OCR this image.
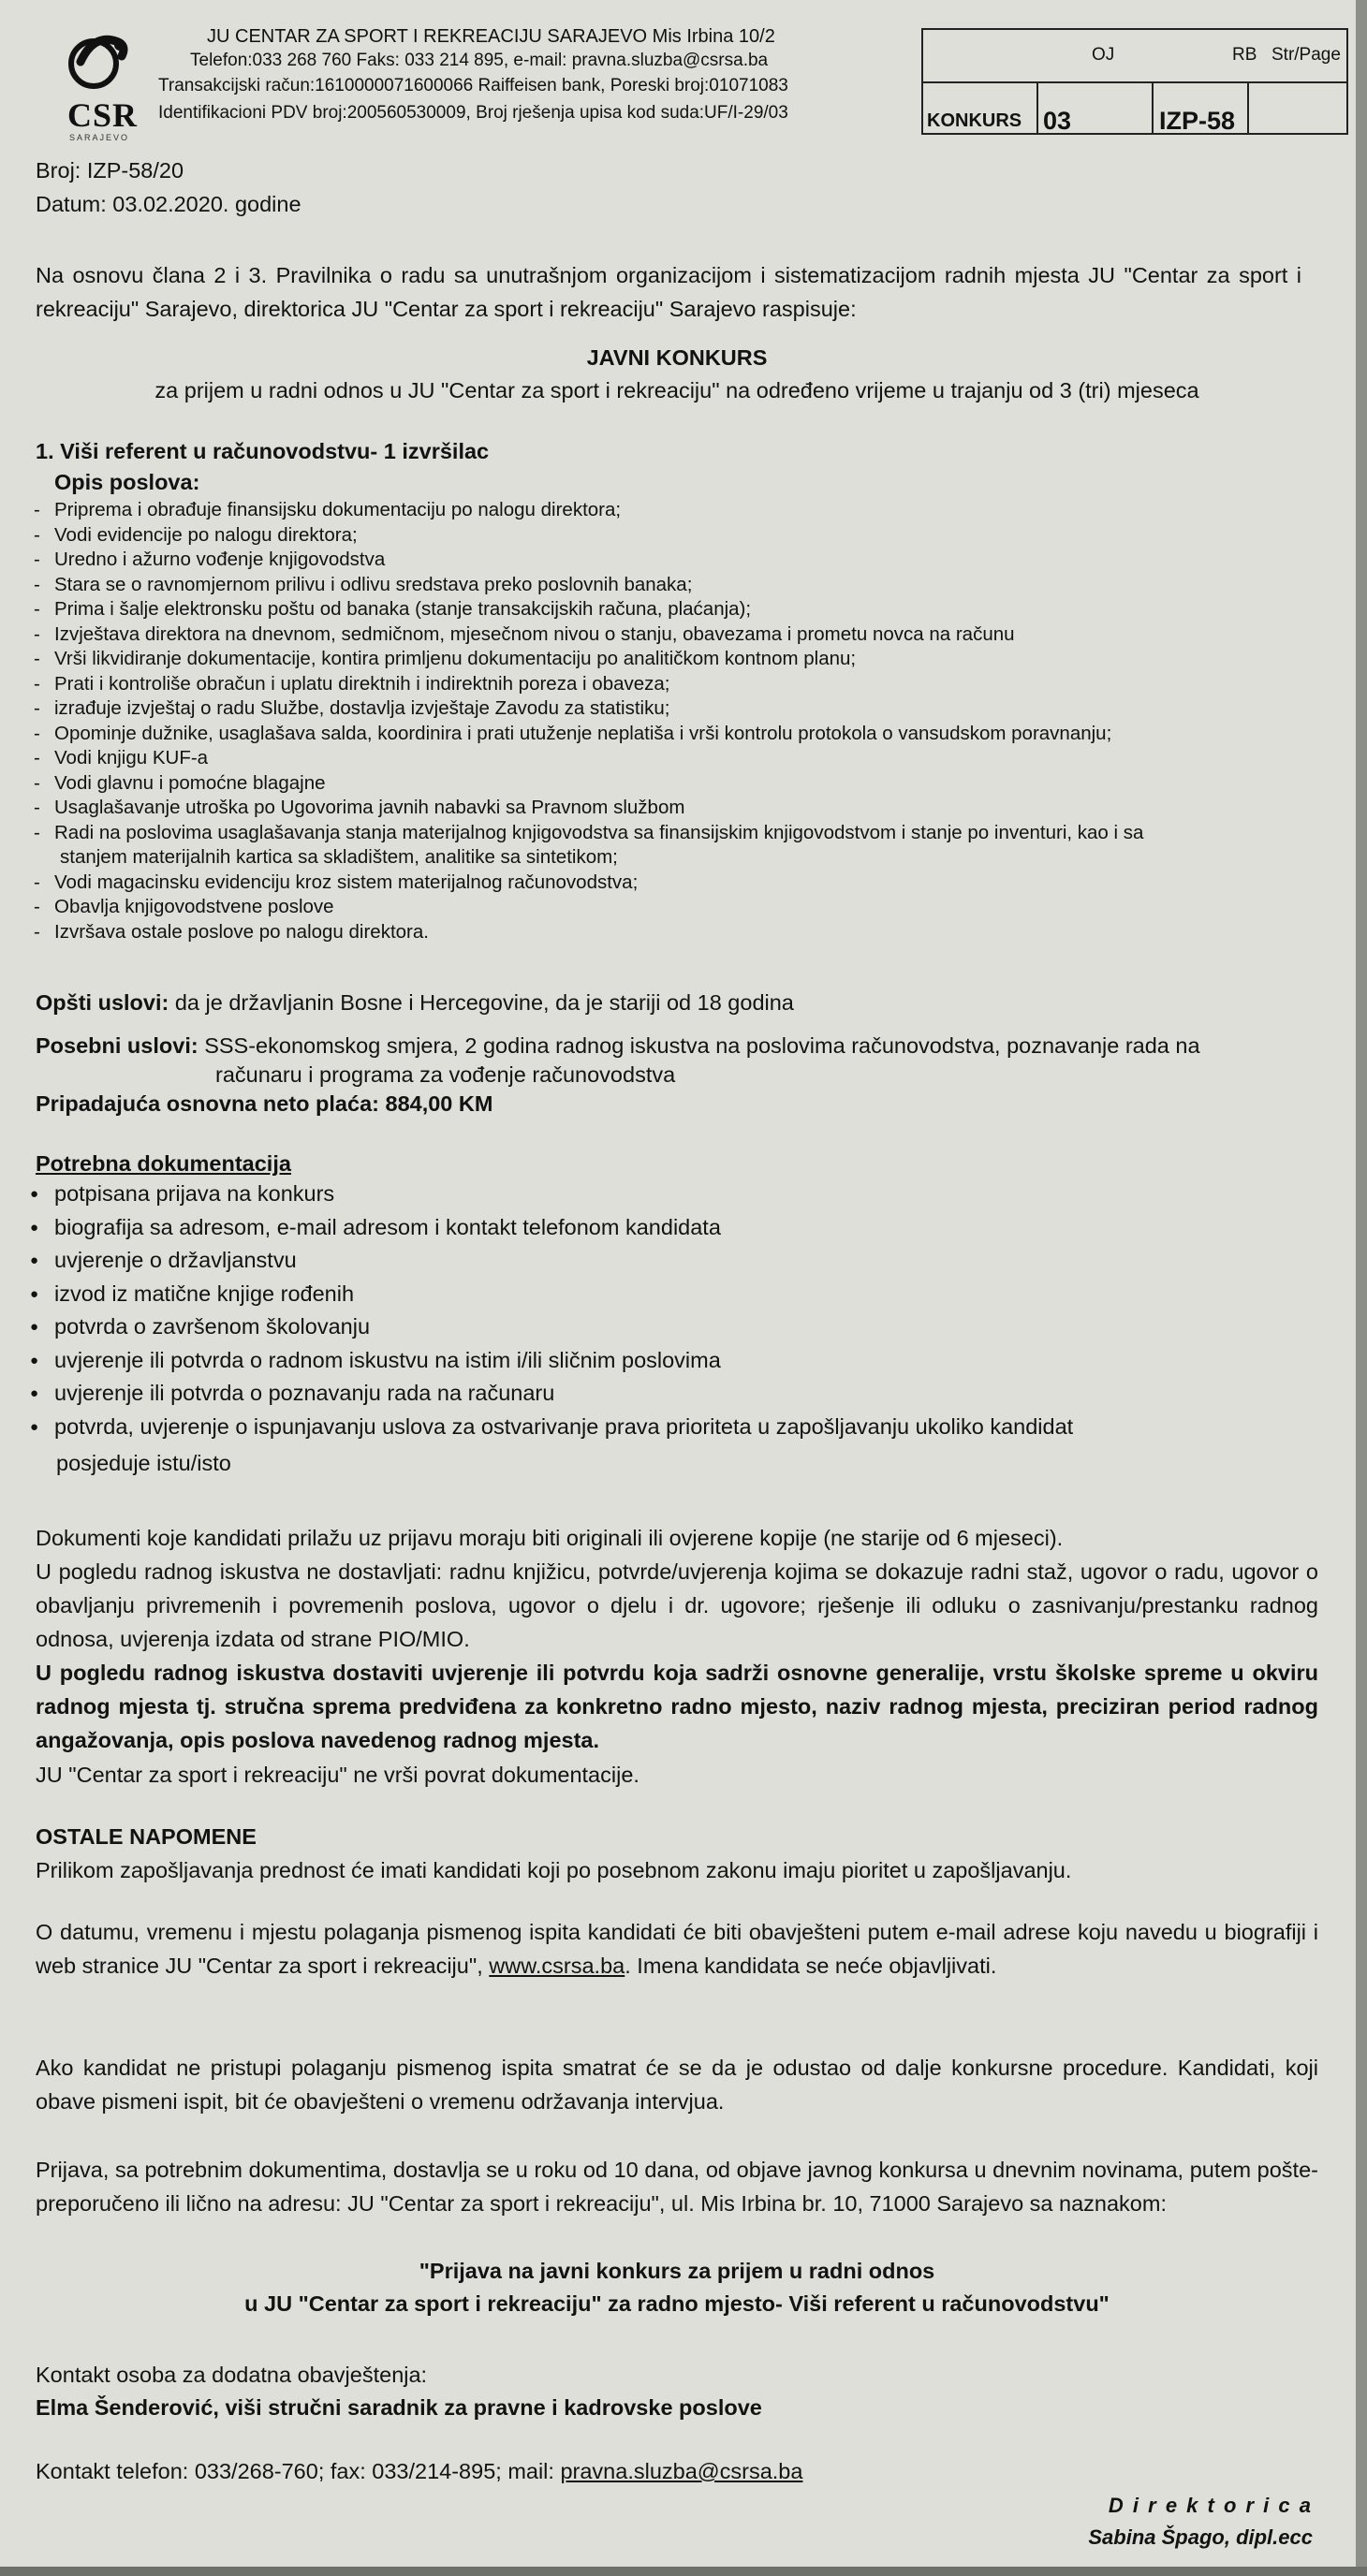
CSR
SARAJEVO
JU CENTAR ZA SPORT I REKREACIJU SARAJEVO Mis Irbina 10/2
Telefon:033 268 760 Faks: 033 214 895, e-mail: pravna.sluzba@csrsa.ba
Transakcijski račun:1610000071600066 Raiffeisen bank, Poreski broj:01071083
Identifikacioni PDV broj:200560530009, Broj rješenja upisa kod suda:UF/I-29/03
OJ	RB Str/Page
KONKURS 03	IZP-58
Broj: IZP-58/20
Datum: 03.02.2020. godine
Na osnovu člana 2 i 3. Pravilnika o radu sa unutrašnjom organizacijom i sistematizacijom radnih mjesta JU "Centar za sport i rekreaciju" Sarajevo, direktorica JU "Centar za sport i rekreaciju" Sarajevo raspisuje:
JAVNI KONKURS
za prijem u radni odnos u JU "Centar za sport i rekreaciju" na određeno vrijeme u trajanju od 3 (tri) mjeseca
1. Viši referent u računovodstvu- 1 izvršilac
Opis poslova:
- Priprema i obrađuje finansijsku dokumentaciju po nalogu direktora;
- Vodi evidencije po nalogu direktora;
- Uredno i ažurno vođenje knjigovodstva
- Stara se o ravnomjernom prilivu i odlivu sredstava preko poslovnih banaka;
- Prima i šalje elektronsku poštu od banaka (stanje transakcijskih računa, plaćanja);
- Izvještava direktora na dnevnom, sedmičnom, mjesečnom nivou o stanju, obavezama i prometu novca na računu
- Vrši likvidiranje dokumentacije, kontira primljenu dokumentaciju po analitičkom kontnom planu;
- Prati i kontroliše obračun i uplatu direktnih i indirektnih poreza i obaveza;
- izrađuje izvještaj o radu Službe, dostavlja izvještaje Zavodu za statistiku;
- Opominje dužnike, usaglašava salda, koordinira i prati utuženje neplatiša i vrši kontrolu protokola o vansudskom poravnanju;
- Vodi knjigu KUF-a
- Vodi glavnu i pomoćne blagajne
- Usaglašavanje utroška po Ugovorima javnih nabavki sa Pravnom službom
- Radi na poslovima usaglašavanja stanja materijalnog knjigovodstva sa finansijskim knjigovodstvom i stanje po inventuri, kao i sa
stanjem materijalnih kartica sa skladištem, analitike sa sintetikom;
- Vodi magacinsku evidenciju kroz sistem materijalnog računovodstva;
- Obavlja knjigovodstvene poslove
- Izvršava ostale poslove po nalogu direktora.
Opšti uslovi: da je državljanin Bosne i Hercegovine, da je stariji od 18 godina
Posebni uslovi: SSS-ekonomskog smjera, 2 godina radnog iskustva na poslovima računovodstva, poznavanje rada na
računaru i programa za vođenje računovodstva
Pripadajuća osnovna neto plaća: 884,00 KM
Potrebna dokumentacija
● potpisana prijava na konkurs
● biografija sa adresom, e-mail adresom i kontakt telefonom kandidata
● uvjerenje o državljanstvu
● izvod iz matične knjige rođenih
● potvrda o završenom školovanju
● uvjerenje ili potvrda o radnom iskustvu na istim i/ili sličnim poslovima
● uvjerenje ili potvrda o poznavanju rada na računaru
● potvrda, uvjerenje o ispunjavanju uslova za ostvarivanje prava prioriteta u zapošljavanju ukoliko kandidat
posjeduje istu/isto
Dokumenti koje kandidati prilažu uz prijavu moraju biti originali ili ovjerene kopije (ne starije od 6 mjeseci).
U pogledu radnog iskustva ne dostavljati: radnu knjižicu, potvrde/uvjerenja kojima se dokazuje radni staž, ugovor o radu, ugovor o obavljanju privremenih i povremenih poslova, ugovor o djelu i dr. ugovore; rješenje ili odluku o zasnivanju/prestanku radnog odnosa, uvjerenja izdata od strane PIO/MIO.
U pogledu radnog iskustva dostaviti uvjerenje ili potvrdu koja sadrži osnovne generalije, vrstu školske spreme u okviru radnog mjesta tj. stručna sprema predviđena za konkretno radno mjesto, naziv radnog mjesta, preciziran period radnog angažovanja, opis poslova navedenog radnog mjesta.
JU "Centar za sport i rekreaciju" ne vrši povrat dokumentacije.
OSTALE NAPOMENE
Prilikom zapošljavanja prednost će imati kandidati koji po posebnom zakonu imaju pioritet u zapošljavanju.
O datumu, vremenu i mjestu polaganja pismenog ispita kandidati će biti obavješteni putem e-mail adrese koju navedu u biografiji i web stranice JU "Centar za sport i rekreaciju", www.csrsa.ba. Imena kandidata se neće objavljivati.
Ako kandidat ne pristupi polaganju pismenog ispita smatrat će se da je odustao od dalje konkursne procedure. Kandidati, koji obave pismeni ispit, bit će obavješteni o vremenu održavanja intervjua.
Prijava, sa potrebnim dokumentima, dostavlja se u roku od 10 dana, od objave javnog konkursa u dnevnim novinama, putem pošte- preporučeno ili lično na adresu: JU "Centar za sport i rekreaciju", ul. Mis Irbina br. 10, 71000 Sarajevo sa naznakom:
"Prijava na javni konkurs za prijem u radni odnos
u JU "Centar za sport i rekreaciju" za radno mjesto- Viši referent u računovodstvu"
Kontakt osoba za dodatna obavještenja:
Elma Šenderović, viši stručni saradnik za pravne i kadrovske poslove
Kontakt telefon: 033/268-760; fax: 033/214-895; mail: pravna.sluzba@csrsa.ba
D i r e k t o r i c a
Sabina Špago, dipl.ecc
